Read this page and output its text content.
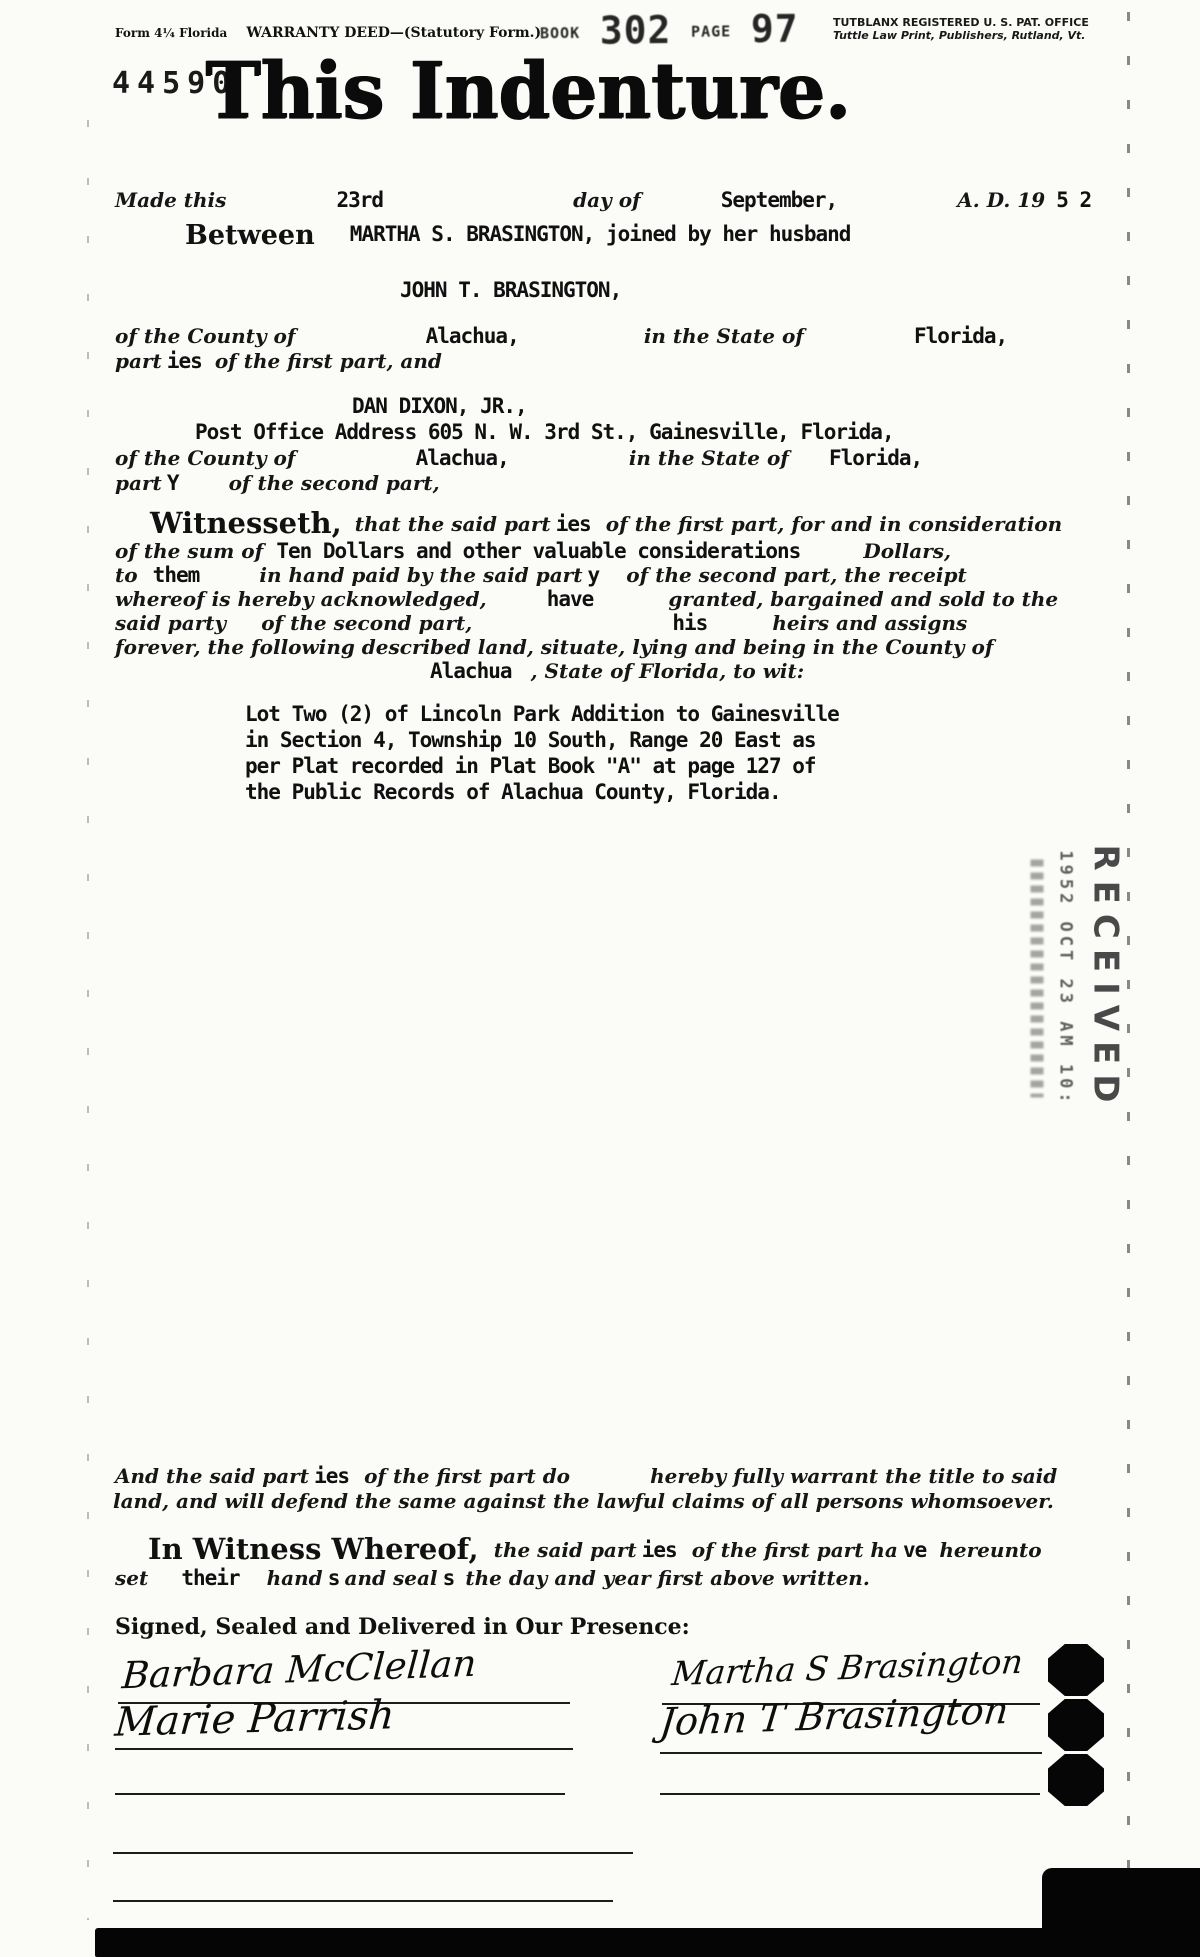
Form 4¼ Florida WARRANTY DEED—(Statutory Form.)
BOOK 302 PAGE 97	TUTBLANX REGISTERED U. S. PAT. OFFICE
Tuttle Law Print, Publishers, Rutland, Vt.
44590
This Indenture.
Made this	23rd	day of	September,	A. D. 19 5 2
Between MARTHA S. BRASINGTON, joined by her husband
JOHN T. BRASINGTON,
of the County of	Alachua,	in the State of	Florida,
part ies of the first part, and
DAN DIXON, JR.,
Post Office Address 605 N. W. 3rd St., Gainesville, Florida,
of the County of	Alachua,	in the State of Florida,
part Y	of the second part,
Witnesseth, that the said part ies of the first part, for and in consideration
of the sum of Ten Dollars and other valuable considerations	Dollars,
to them	in hand paid by the said part y of the second part, the receipt
whereof is hereby acknowledged,	have	granted, bargained and sold to the
said party of the second part,	his	heirs and assigns
forever, the following described land, situate, lying and being in the County of
Alachua , State of Florida, to wit:
Lot Two (2) of Lincoln Park Addition to Gainesville
in Section 4, Township 10 South, Range 20 East as
per Plat recorded in Plat Book "A" at page 127 of
the Public Records of Alachua County, Florida.
RECEIVED
1952 OCT 23 AM 10:
And the said part ies of the first part do	hereby fully warrant the title to said
land, and will defend the same against the lawful claims of all persons whomsoever.
In Witness Whereof, the said part ies of the first part ha ve hereunto
set their hand s and seal s the day and year first above written.
Signed, Sealed and Delivered in Our Presence:
Barbara McClellan
Marie Parrish
Martha S Brasington
John T Brasington
